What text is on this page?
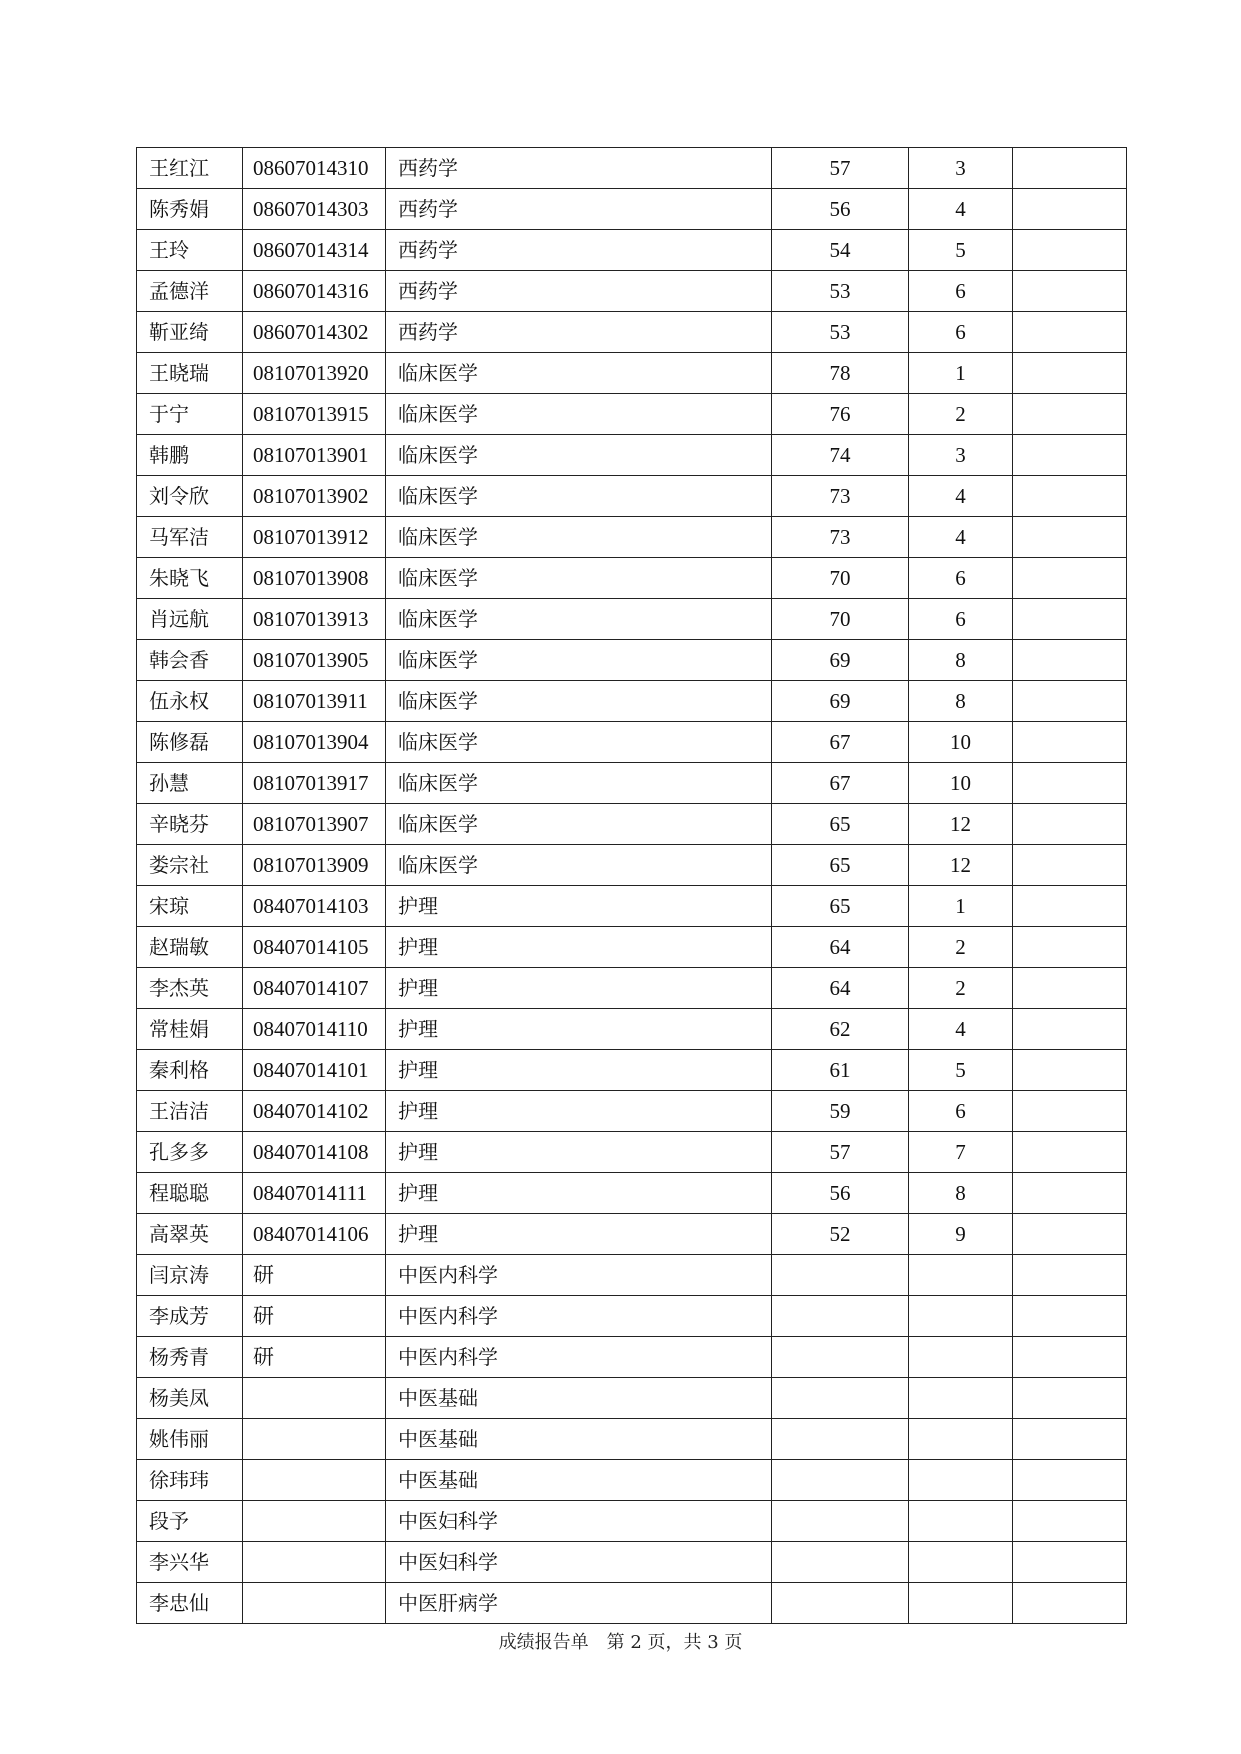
王红江	08607014310	西药学	57	3	
陈秀娟	08607014303	西药学	56	4	
王玲	08607014314	西药学	54	5	
孟德洋	08607014316	西药学	53	6	
靳亚绮	08607014302	西药学	53	6	
王晓瑞	08107013920	临床医学	78	1	
于宁	08107013915	临床医学	76	2	
韩鹏	08107013901	临床医学	74	3	
刘令欣	08107013902	临床医学	73	4	
马军洁	08107013912	临床医学	73	4	
朱晓飞	08107013908	临床医学	70	6	
肖远航	08107013913	临床医学	70	6	
韩会香	08107013905	临床医学	69	8	
伍永权	08107013911	临床医学	69	8	
陈修磊	08107013904	临床医学	67	10	
孙慧	08107013917	临床医学	67	10	
辛晓芬	08107013907	临床医学	65	12	
娄宗社	08107013909	临床医学	65	12	
宋琼	08407014103	护理	65	1	
赵瑞敏	08407014105	护理	64	2	
李杰英	08407014107	护理	64	2	
常桂娟	08407014110	护理	62	4	
秦利格	08407014101	护理	61	5	
王洁洁	08407014102	护理	59	6	
孔多多	08407014108	护理	57	7	
程聪聪	08407014111	护理	56	8	
高翠英	08407014106	护理	52	9	
闫京涛	研	中医内科学			
李成芳	研	中医内科学			
杨秀青	研	中医内科学			
杨美凤		中医基础			
姚伟丽		中医基础			
徐玮玮		中医基础			
段予		中医妇科学			
李兴华		中医妇科学			
李忠仙		中医肝病学			
成绩报告单　第 2 页，共 3 页
